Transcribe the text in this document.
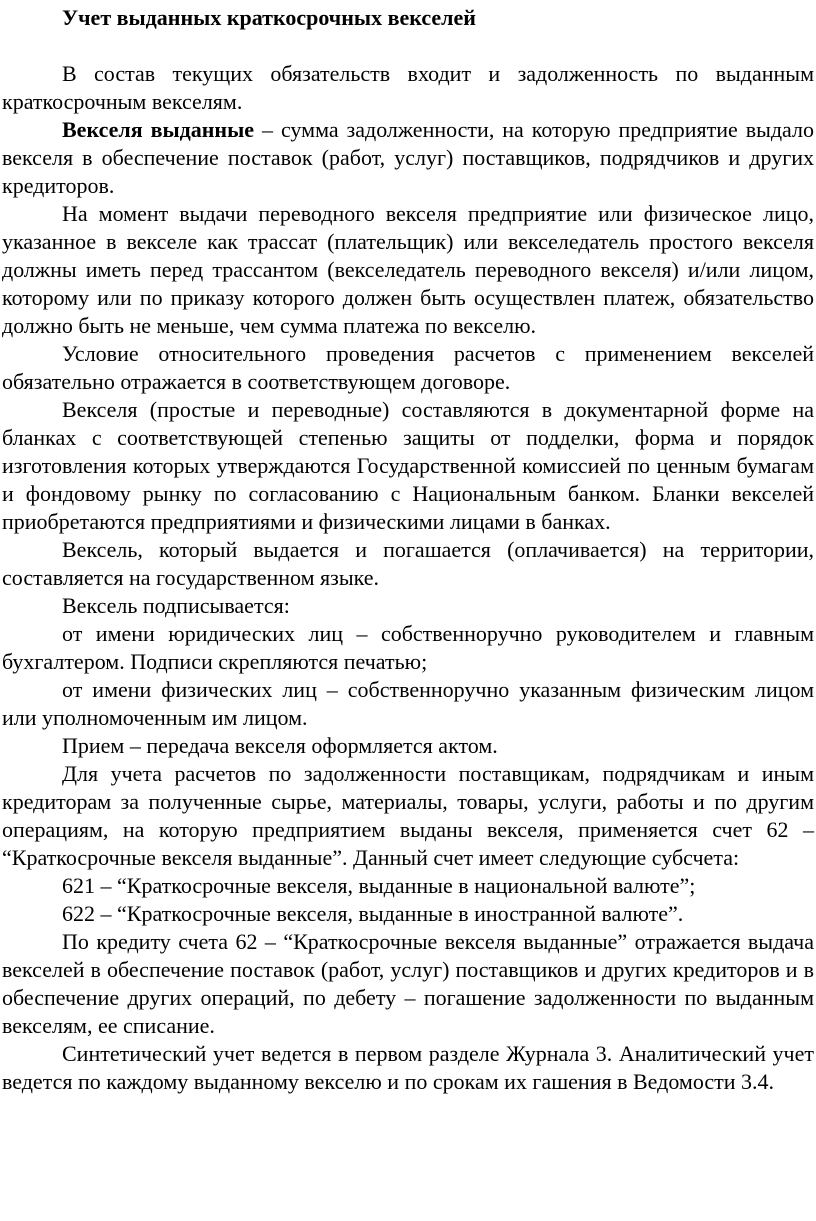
Учет выданных краткосрочных векселей

В состав текущих обязательств входит и задолженность по выданным краткосрочным векселям.

Векселя выданные – сумма задолженности, на которую предприятие выдало векселя в обеспечение поставок (работ, услуг) поставщиков, подрядчиков и других кредиторов.

На момент выдачи переводного векселя предприятие или физическое лицо, указанное в векселе как трассат (плательщик) или векселедатель простого векселя должны иметь перед трассантом (векселедатель переводного векселя) и/или лицом, которому или по приказу которого должен быть осуществлен платеж, обязательство должно быть не меньше, чем сумма платежа по векселю.

Условие относительного проведения расчетов с применением векселей обязательно отражается в соответствующем договоре.

Векселя (простые и переводные) составляются в документарной форме на бланках с соответствующей степенью защиты от подделки, форма и порядок изготовления которых утверждаются Государственной комиссией по ценным бумагам и фондовому рынку по согласованию с Национальным банком. Бланки векселей приобретаются предприятиями и физическими лицами в банках.

Вексель, который выдается и погашается (оплачивается) на территории, составляется на государственном языке.

Вексель подписывается:

от имени юридических лиц – собственноручно руководителем и главным бухгалтером. Подписи скрепляются печатью;

от имени физических лиц – собственноручно указанным физическим лицом или уполномоченным им лицом.

Прием – передача векселя оформляется актом.

Для учета расчетов по задолженности поставщикам, подрядчикам и иным кредиторам за полученные сырье, материалы, товары, услуги, работы и по другим операциям, на которую предприятием выданы векселя, применяется счет 62 – “Краткосрочные векселя выданные”. Данный счет имеет следующие субсчета:

621 – “Краткосрочные векселя, выданные в национальной валюте”;

622 – “Краткосрочные векселя, выданные в иностранной валюте”.

По кредиту счета 62 – “Краткосрочные векселя выданные” отражается выдача векселей в обеспечение поставок (работ, услуг) поставщиков и других кредиторов и в обеспечение других операций, по дебету – погашение задолженности по выданным векселям, ее списание.

Синтетический учет ведется в первом разделе Журнала 3. Аналитический учет ведется по каждому выданному векселю и по срокам их гашения в Ведомости 3.4.
